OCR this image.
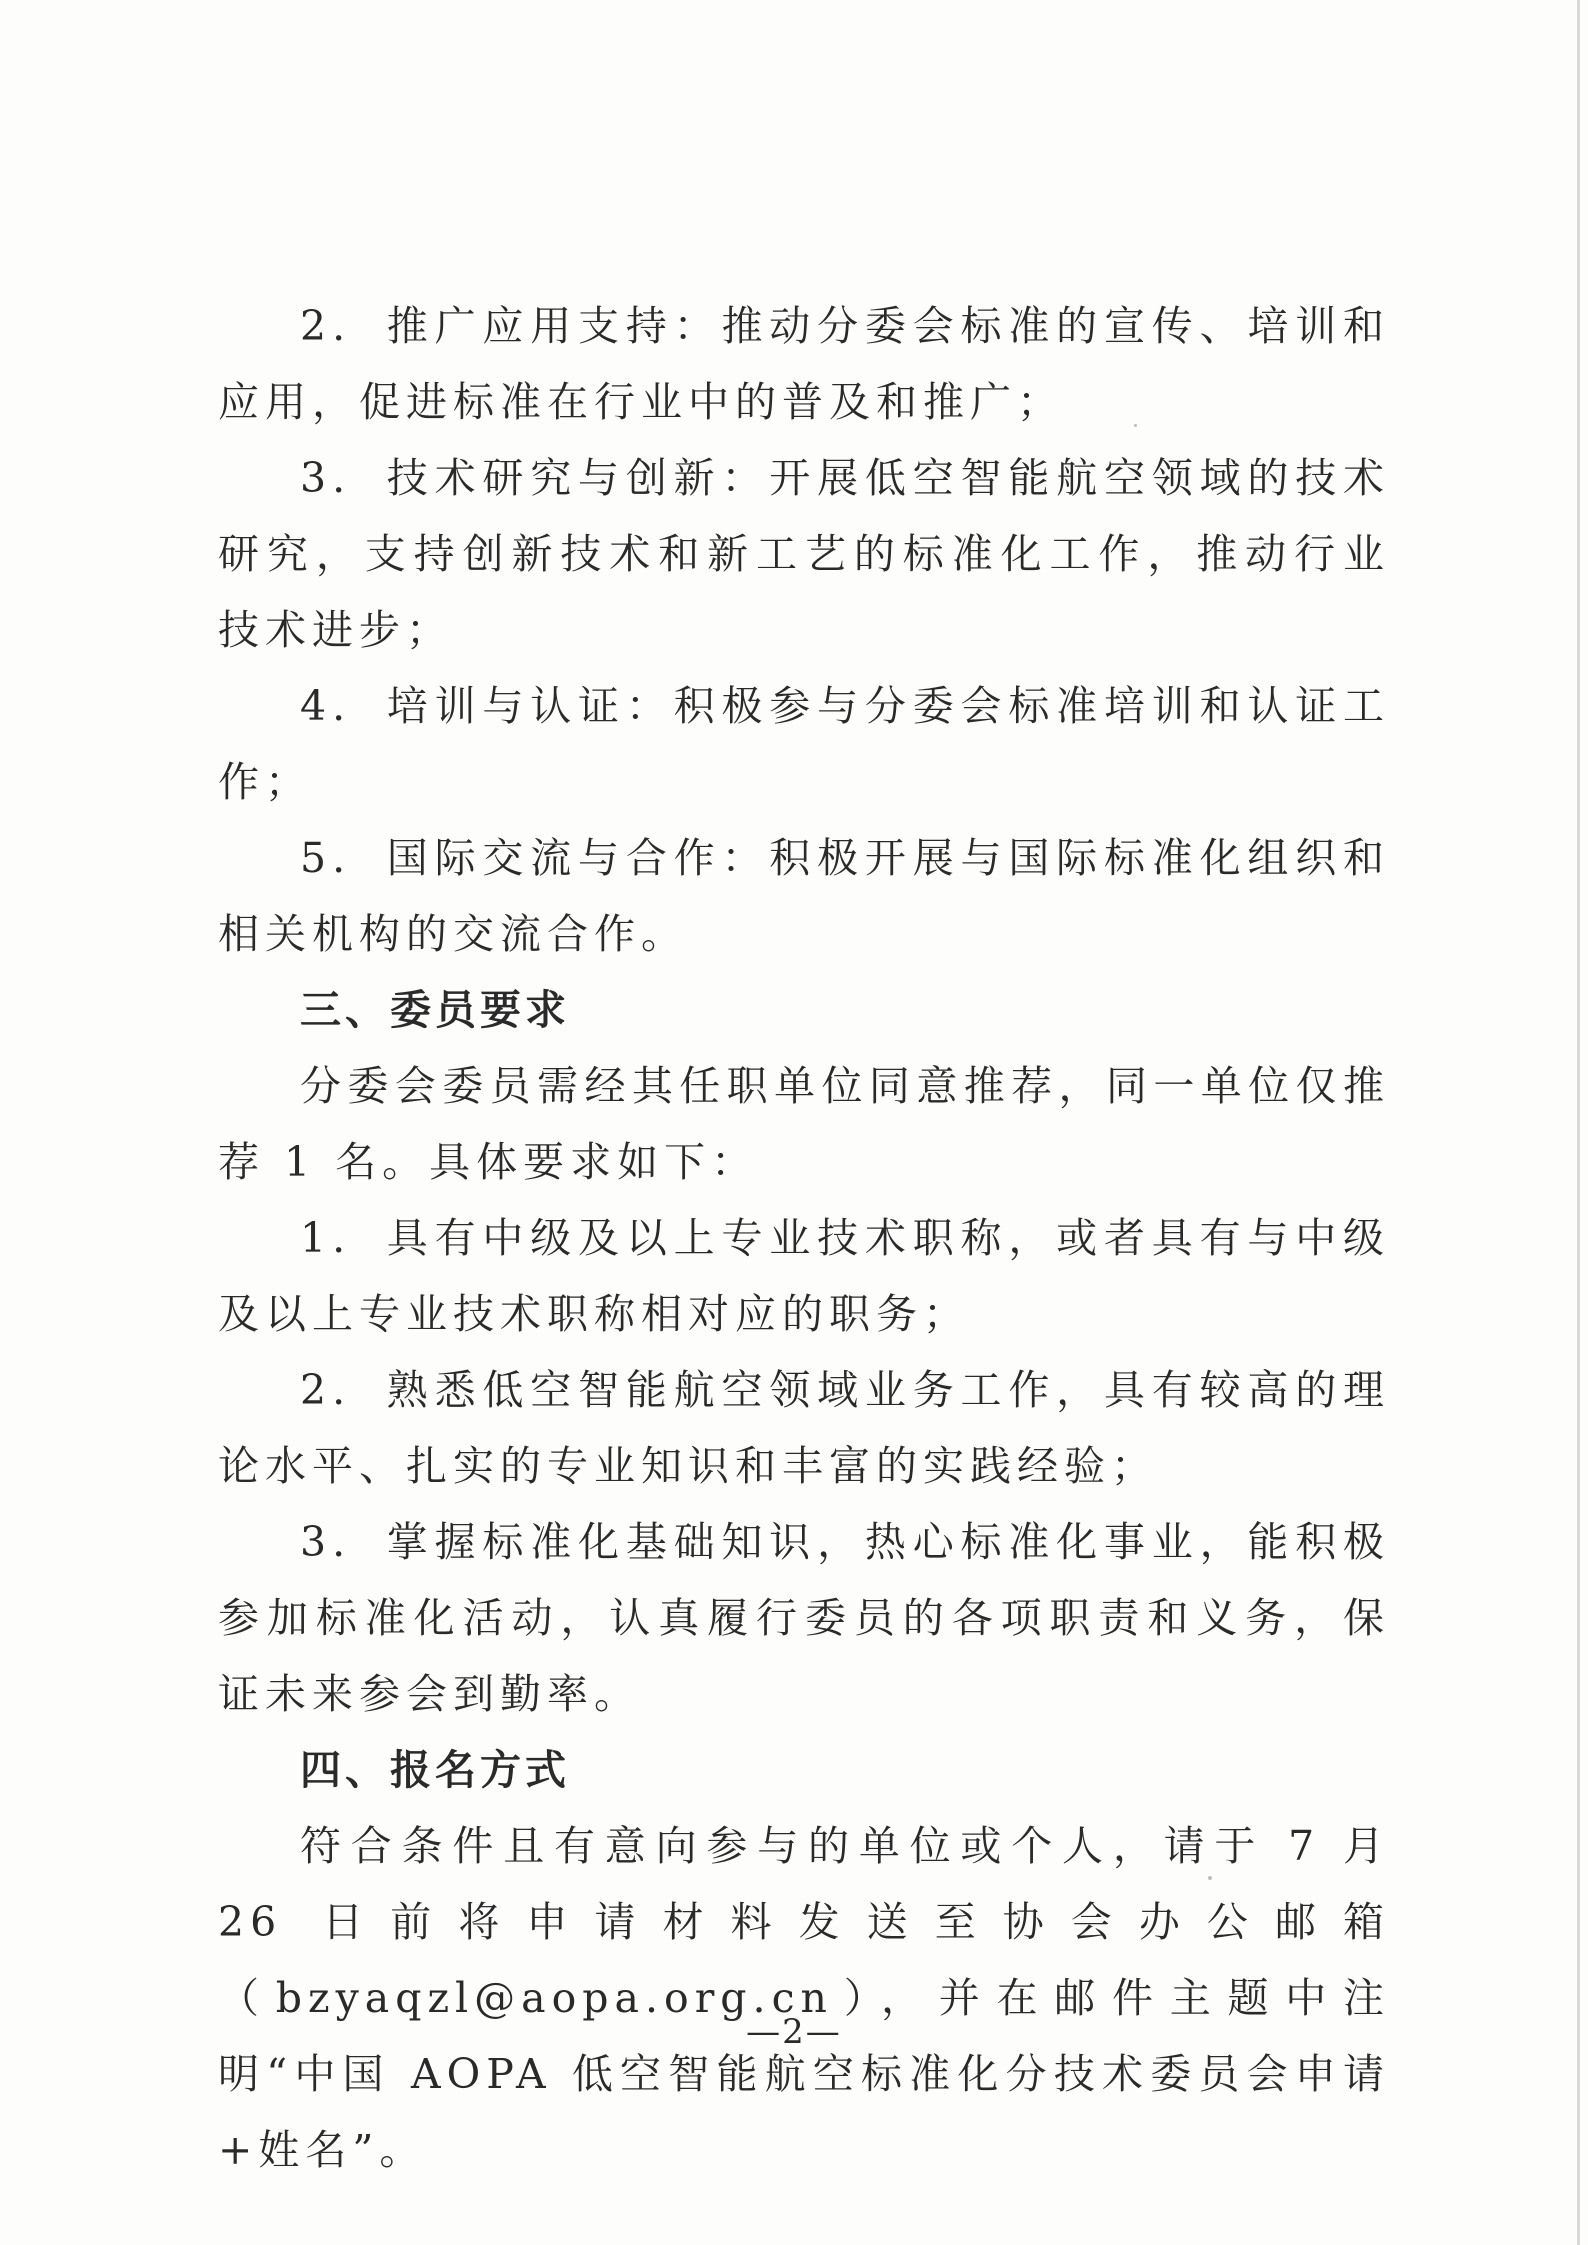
2. 推广应用支持：推动分委会标准的宣传、培训和应用，促进标准在行业中的普及和推广；

3. 技术研究与创新：开展低空智能航空领域的技术研究，支持创新技术和新工艺的标准化工作，推动行业技术进步；

4. 培训与认证：积极参与分委会标准培训和认证工作；

5. 国际交流与合作：积极开展与国际标准化组织和相关机构的交流合作。

三、委员要求

分委会委员需经其任职单位同意推荐，同一单位仅推荐 1 名。具体要求如下：

1. 具有中级及以上专业技术职称，或者具有与中级及以上专业技术职称相对应的职务；

2. 熟悉低空智能航空领域业务工作，具有较高的理论水平、扎实的专业知识和丰富的实践经验；

3. 掌握标准化基础知识，热心标准化事业，能积极参加标准化活动，认真履行委员的各项职责和义务，保证未来参会到勤率。

四、报名方式

符合条件且有意向参与的单位或个人，请于 7 月 26 日前将申请材料发送至协会办公邮箱（bzyaqzl@aopa.org.cn），并在邮件主题中注明“中国 AOPA 低空智能航空标准化分技术委员会申请+姓名”。

—2—
